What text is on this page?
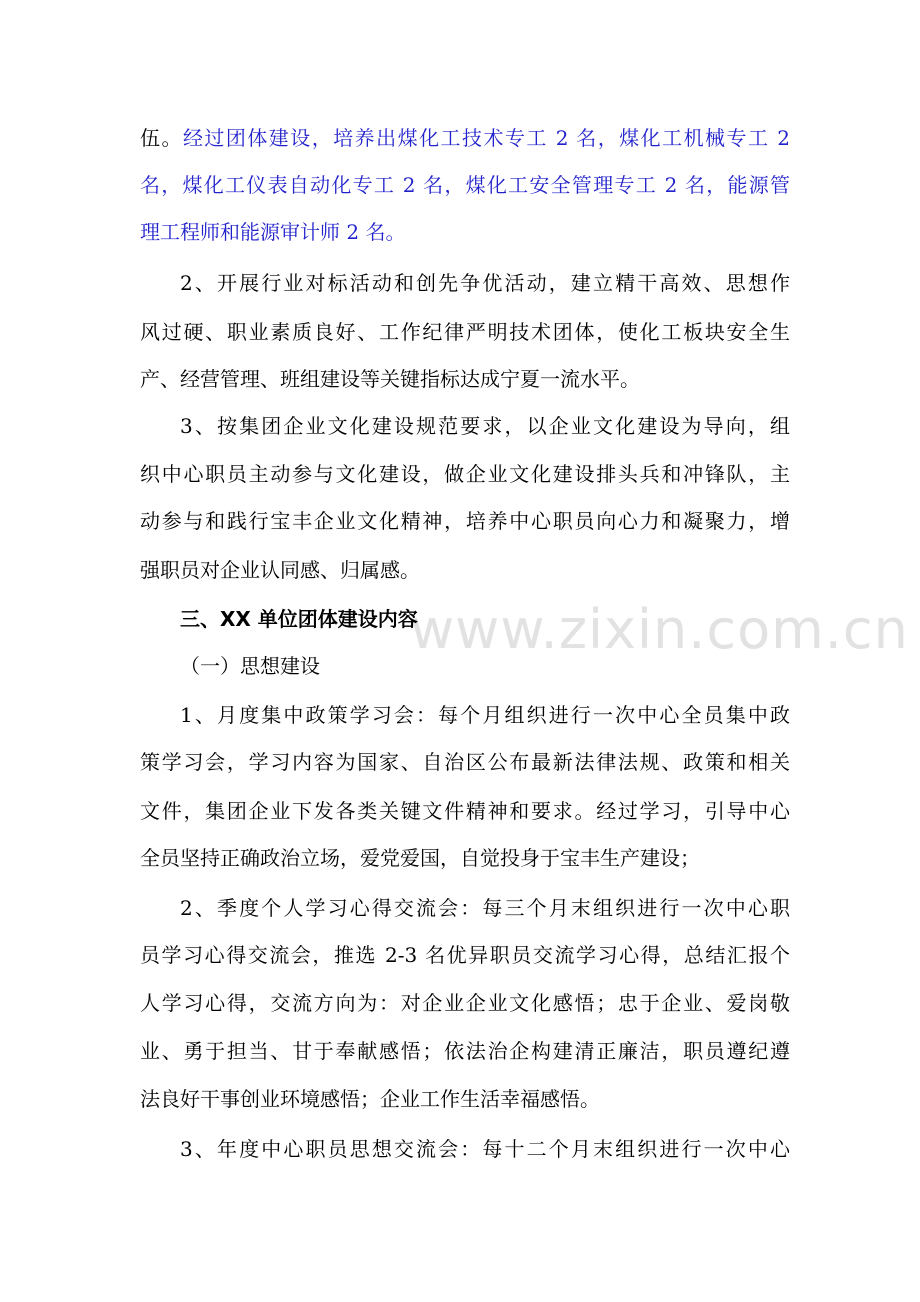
www.zixin.com.cn
伍。经过团体建设，培养出煤化工技术专工 2 名，煤化工机械专工 2
名，煤化工仪表自动化专工 2 名，煤化工安全管理专工 2 名，能源管
理工程师和能源审计师 2 名。
2、开展行业对标活动和创先争优活动，建立精干高效、思想作
风过硬、职业素质良好、工作纪律严明技术团体，使化工板块安全生
产、经营管理、班组建设等关键指标达成宁夏一流水平。
3、按集团企业文化建设规范要求，以企业文化建设为导向，组
织中心职员主动参与文化建设，做企业文化建设排头兵和冲锋队，主
动参与和践行宝丰企业文化精神，培养中心职员向心力和凝聚力，增
强职员对企业认同感、归属感。
三、XX 单位团体建设内容
（一）思想建设
1、月度集中政策学习会：每个月组织进行一次中心全员集中政
策学习会，学习内容为国家、自治区公布最新法律法规、政策和相关
文件，集团企业下发各类关键文件精神和要求。经过学习，引导中心
全员坚持正确政治立场，爱党爱国，自觉投身于宝丰生产建设；
2、季度个人学习心得交流会：每三个月末组织进行一次中心职
员学习心得交流会，推选 2-3 名优异职员交流学习心得，总结汇报个
人学习心得，交流方向为：对企业企业文化感悟；忠于企业、爱岗敬
业、勇于担当、甘于奉献感悟；依法治企构建清正廉洁，职员遵纪遵
法良好干事创业环境感悟；企业工作生活幸福感悟。
3、年度中心职员思想交流会：每十二个月末组织进行一次中心
